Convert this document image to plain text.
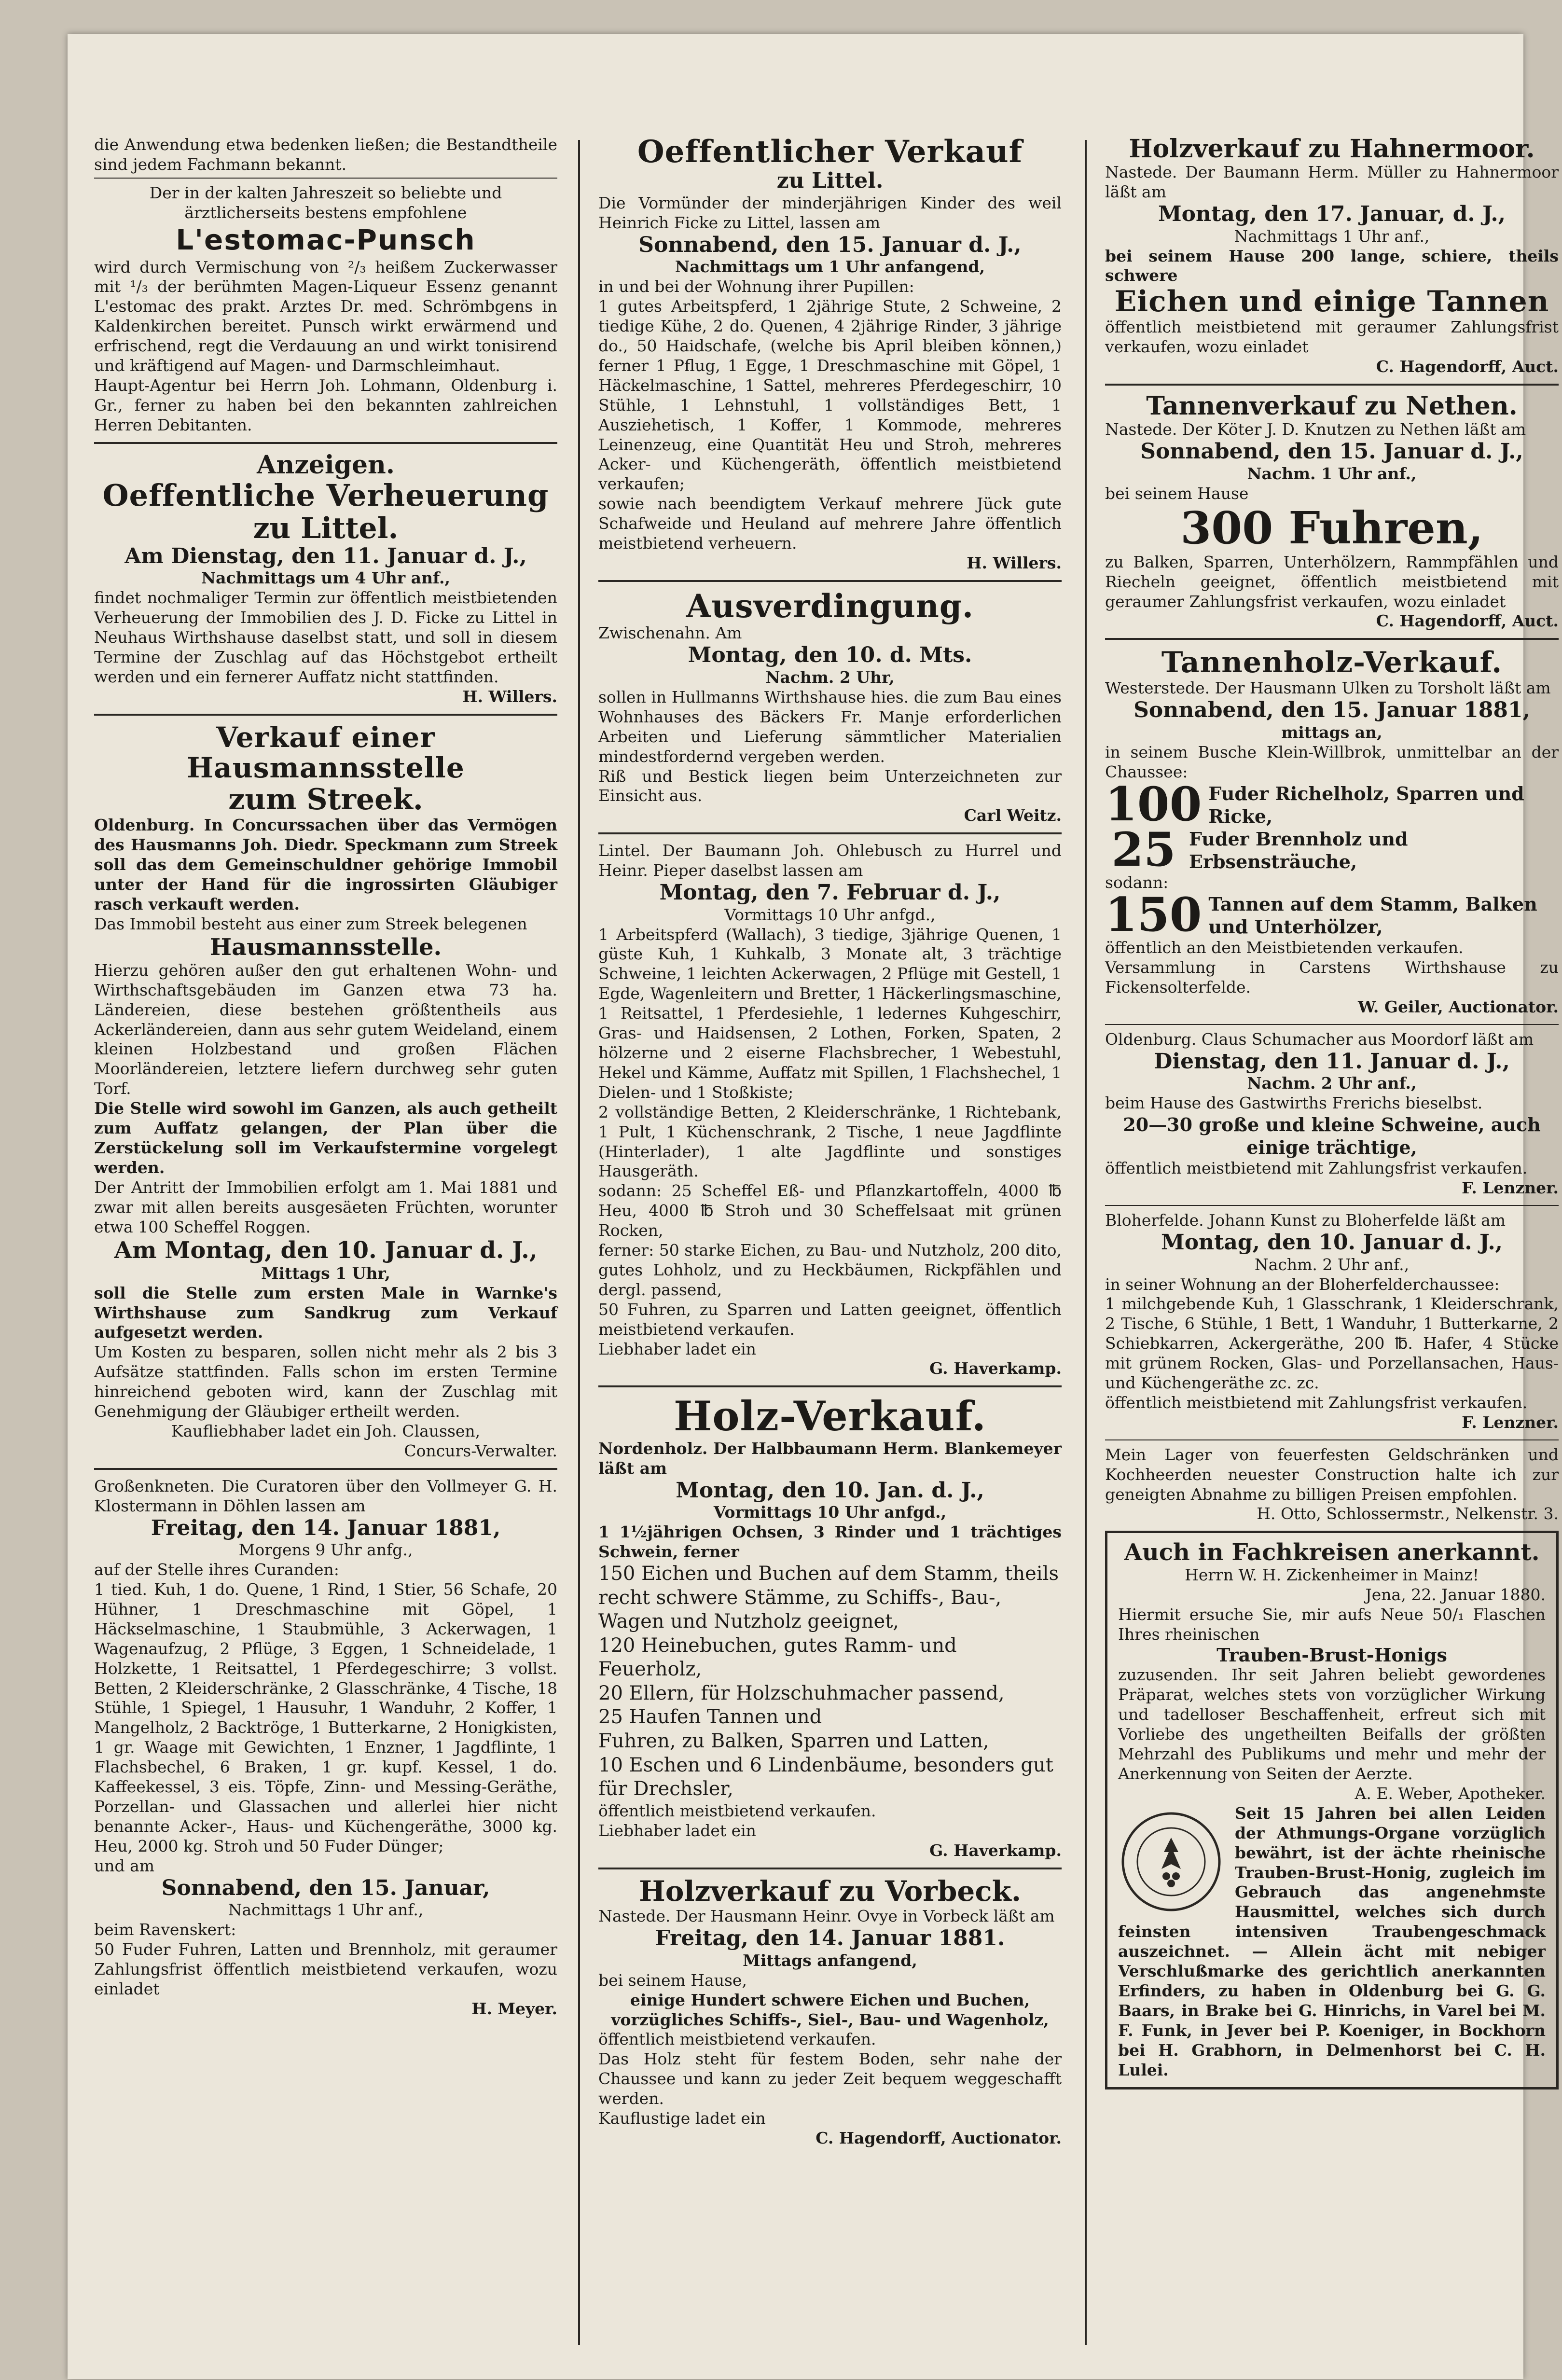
die Anwendung etwa bedenken ließen; die Bestandtheile sind jedem Fachmann bekannt.

Der in der kalten Jahreszeit so beliebte und ärztlicherseits bestens empfohlene

L'estomac-Punsch

wird durch Vermischung von ²/₃ heißem Zuckerwasser mit ¹/₃ der berühmten Magen-Liqueur Essenz genannt L'estomac des prakt. Arztes Dr. med. Schrömbgens in Kaldenkirchen bereitet. Punsch wirkt erwärmend und erfrischend, regt die Verdauung an und wirkt tonisirend und kräftigend auf Magen- und Darmschleimhaut.

Haupt-Agentur bei Herrn Joh. Lohmann, Oldenburg i. Gr., ferner zu haben bei den bekannten zahlreichen Herren Debitanten.

Anzeigen.
Oeffentliche Verheuerung
zu Littel.
Am Dienstag, den 11. Januar d. J.,

Nachmittags um 4 Uhr anf.,

findet nochmaliger Termin zur öffentlich meistbietenden Verheuerung der Immobilien des J. D. Ficke zu Littel in Neuhaus Wirthshause daselbst statt, und soll in diesem Termine der Zuschlag auf das Höchstgebot ertheilt werden und ein fernerer Auffatz nicht stattfinden.

H. Willers.

Verkauf einer Hausmannsstelle
zum Streek.

Oldenburg. In Concurssachen über das Vermögen des Hausmanns Joh. Diedr. Speckmann zum Streek soll das dem Gemeinschuldner gehörige Immobil unter der Hand für die ingrossirten Gläubiger rasch verkauft werden.

Das Immobil besteht aus einer zum Streek belegenen

Hausmannsstelle.

Hierzu gehören außer den gut erhaltenen Wohn- und Wirthschaftsgebäuden im Ganzen etwa 73 ha. Ländereien, diese bestehen größtentheils aus Ackerländereien, dann aus sehr gutem Weideland, einem kleinen Holzbestand und großen Flächen Moorländereien, letztere liefern durchweg sehr guten Torf.

Die Stelle wird sowohl im Ganzen, als auch getheilt zum Auffatz gelangen, der Plan über die Zerstückelung soll im Verkaufstermine vorgelegt werden.

Der Antritt der Immobilien erfolgt am 1. Mai 1881 und zwar mit allen bereits ausgesäeten Früchten, worunter etwa 100 Scheffel Roggen.

Am Montag, den 10. Januar d. J.,

Mittags 1 Uhr,

soll die Stelle zum ersten Male in Warnke's Wirthshause zum Sandkrug zum Verkauf aufgesetzt werden.

Um Kosten zu besparen, sollen nicht mehr als 2 bis 3 Aufsätze stattfinden. Falls schon im ersten Termine hinreichend geboten wird, kann der Zuschlag mit Genehmigung der Gläubiger ertheilt werden.

Kaufliebhaber ladet ein Joh. Claussen,

Concurs-Verwalter.

Großenkneten. Die Curatoren über den Vollmeyer G. H. Klostermann in Döhlen lassen am

Freitag, den 14. Januar 1881,

Morgens 9 Uhr anfg.,

auf der Stelle ihres Curanden:

1 tied. Kuh, 1 do. Quene, 1 Rind, 1 Stier, 56 Schafe, 20 Hühner, 1 Dreschmaschine mit Göpel, 1 Häckselmaschine, 1 Staubmühle, 3 Ackerwagen, 1 Wagenaufzug, 2 Pflüge, 3 Eggen, 1 Schneidelade, 1 Holzkette, 1 Reitsattel, 1 Pferdegeschirre; 3 vollst. Betten, 2 Kleiderschränke, 2 Glasschränke, 4 Tische, 18 Stühle, 1 Spiegel, 1 Hausuhr, 1 Wanduhr, 2 Koffer, 1 Mangelholz, 2 Backtröge, 1 Butterkarne, 2 Honigkisten, 1 gr. Waage mit Gewichten, 1 Enzner, 1 Jagdflinte, 1 Flachsbechel, 6 Braken, 1 gr. kupf. Kessel, 1 do. Kaffeekessel, 3 eis. Töpfe, Zinn- und Messing-Geräthe, Porzellan- und Glassachen und allerlei hier nicht benannte Acker-, Haus- und Küchengeräthe, 3000 kg. Heu, 2000 kg. Stroh und 50 Fuder Dünger;

und am

Sonnabend, den 15. Januar,

Nachmittags 1 Uhr anf.,

beim Ravenskert:

50 Fuder Fuhren, Latten und Brennholz, mit geraumer Zahlungsfrist öffentlich meistbietend verkaufen, wozu einladet

H. Meyer.

Oeffentlicher Verkauf
zu Littel.

Die Vormünder der minderjährigen Kinder des weil Heinrich Ficke zu Littel, lassen am

Sonnabend, den 15. Januar d. J.,

Nachmittags um 1 Uhr anfangend,

in und bei der Wohnung ihrer Pupillen:

1 gutes Arbeitspferd, 1 2jährige Stute, 2 Schweine, 2 tiedige Kühe, 2 do. Quenen, 4 2jährige Rinder, 3 jährige do., 50 Haidschafe, (welche bis April bleiben können,) ferner 1 Pflug, 1 Egge, 1 Dreschmaschine mit Göpel, 1 Häckelmaschine, 1 Sattel, mehreres Pferdegeschirr, 10 Stühle, 1 Lehnstuhl, 1 vollständiges Bett, 1 Ausziehetisch, 1 Koffer, 1 Kommode, mehreres Leinenzeug, eine Quantität Heu und Stroh, mehreres Acker- und Küchengeräth, öffentlich meistbietend verkaufen;

sowie nach beendigtem Verkauf mehrere Jück gute Schafweide und Heuland auf mehrere Jahre öffentlich meistbietend verheuern.

H. Willers.

Ausverdingung.

Zwischenahn. Am

Montag, den 10. d. Mts.

Nachm. 2 Uhr,

sollen in Hullmanns Wirthshause hies. die zum Bau eines Wohnhauses des Bäckers Fr. Manje erforderlichen Arbeiten und Lieferung sämmtlicher Materialien mindestfordernd vergeben werden.

Riß und Bestick liegen beim Unterzeichneten zur Einsicht aus.

Carl Weitz.

Lintel. Der Baumann Joh. Ohlebusch zu Hurrel und Heinr. Pieper daselbst lassen am

Montag, den 7. Februar d. J.,

Vormittags 10 Uhr anfgd.,

1 Arbeitspferd (Wallach), 3 tiedige, 3jährige Quenen, 1 güste Kuh, 1 Kuhkalb, 3 Monate alt, 3 trächtige Schweine, 1 leichten Ackerwagen, 2 Pflüge mit Gestell, 1 Egde, Wagenleitern und Bretter, 1 Häckerlingsmaschine, 1 Reitsattel, 1 Pferdesiehle, 1 ledernes Kuhgeschirr, Gras- und Haidsensen, 2 Lothen, Forken, Spaten, 2 hölzerne und 2 eiserne Flachsbrecher, 1 Webestuhl, Hekel und Kämme, Auffatz mit Spillen, 1 Flachshechel, 1 Dielen- und 1 Stoßkiste;

2 vollständige Betten, 2 Kleiderschränke, 1 Richtebank, 1 Pult, 1 Küchenschrank, 2 Tische, 1 neue Jagdflinte (Hinterlader), 1 alte Jagdflinte und sonstiges Hausgeräth.

sodann: 25 Scheffel Eß- und Pflanzkartoffeln, 4000 ℔ Heu, 4000 ℔ Stroh und 30 Scheffelsaat mit grünen Rocken,

ferner: 50 starke Eichen, zu Bau- und Nutzholz, 200 dito, gutes Lohholz, und zu Heckbäumen, Rickpfählen und dergl. passend,

50 Fuhren, zu Sparren und Latten geeignet, öffentlich meistbietend verkaufen.

Liebhaber ladet ein

G. Haverkamp.

Holz-Verkauf.

Nordenholz. Der Halbbaumann Herm. Blankemeyer läßt am

Montag, den 10. Jan. d. J.,

Vormittags 10 Uhr anfgd.,

1 1½jährigen Ochsen, 3 Rinder und 1 trächtiges Schwein, ferner

150 Eichen und Buchen auf dem Stamm, theils recht schwere Stämme, zu Schiffs-, Bau-, Wagen und Nutzholz geeignet,
120 Heinebuchen, gutes Ramm- und Feuerholz,
20 Ellern, für Holzschuhmacher passend,
25 Haufen Tannen und
Fuhren, zu Balken, Sparren und Latten,
10 Eschen und 6 Lindenbäume, besonders gut für Drechsler,

öffentlich meistbietend verkaufen.

Liebhaber ladet ein

G. Haverkamp.

Holzverkauf zu Vorbeck.

Nastede. Der Hausmann Heinr. Ovye in Vorbeck läßt am

Freitag, den 14. Januar 1881.

Mittags anfangend,

bei seinem Hause,

einige Hundert schwere Eichen und Buchen, vorzügliches Schiffs-, Siel-, Bau- und Wagenholz,

öffentlich meistbietend verkaufen.

Das Holz steht für festem Boden, sehr nahe der Chaussee und kann zu jeder Zeit bequem weggeschafft werden.

Kauflustige ladet ein

C. Hagendorff, Auctionator.

Holzverkauf zu Hahnermoor.

Nastede. Der Baumann Herm. Müller zu Hahnermoor läßt am

Montag, den 17. Januar, d. J.,

Nachmittags 1 Uhr anf.,

bei seinem Hause 200 lange, schiere, theils schwere

Eichen und einige Tannen

öffentlich meistbietend mit geraumer Zahlungsfrist verkaufen, wozu einladet

C. Hagendorff, Auct.

Tannenverkauf zu Nethen.

Nastede. Der Köter J. D. Knutzen zu Nethen läßt am

Sonnabend, den 15. Januar d. J.,

Nachm. 1 Uhr anf.,

bei seinem Hause

300 Fuhren,

zu Balken, Sparren, Unterhölzern, Rammpfählen und Riecheln geeignet, öffentlich meistbietend mit geraumer Zahlungsfrist verkaufen, wozu einladet

C. Hagendorff, Auct.

Tannenholz-Verkauf.

Westerstede. Der Hausmann Ulken zu Torsholt läßt am

Sonnabend, den 15. Januar 1881,

mittags an,

in seinem Busche Klein-Willbrok, unmittelbar an der Chaussee:

100 Fuder Richelholz, Sparren und Ricke,
25 Fuder Brennholz und Erbsensträuche,

sodann:

150 Tannen auf dem Stamm, Balken und Unterhölzer,

öffentlich an den Meistbietenden verkaufen.

Versammlung in Carstens Wirthshause zu Fickensolterfelde.

W. Geiler, Auctionator.

Oldenburg. Claus Schumacher aus Moordorf läßt am

Dienstag, den 11. Januar d. J.,

Nachm. 2 Uhr anf.,

beim Hause des Gastwirths Frerichs bieselbst.

20—30 große und kleine Schweine, auch einige trächtige,

öffentlich meistbietend mit Zahlungsfrist verkaufen.

F. Lenzner.

Bloherfelde. Johann Kunst zu Bloherfelde läßt am

Montag, den 10. Januar d. J.,

Nachm. 2 Uhr anf.,

in seiner Wohnung an der Bloherfelderchaussee:

1 milchgebende Kuh, 1 Glasschrank, 1 Kleiderschrank, 2 Tische, 6 Stühle, 1 Bett, 1 Wanduhr, 1 Butterkarne, 2 Schiebkarren, Ackergeräthe, 200 ℔. Hafer, 4 Stücke mit grünem Rocken, Glas- und Porzellansachen, Haus- und Küchengeräthe zc. zc.

öffentlich meistbietend mit Zahlungsfrist verkaufen.

F. Lenzner.

Mein Lager von feuerfesten Geldschränken und Kochheerden neuester Construction halte ich zur geneigten Abnahme zu billigen Preisen empfohlen.

H. Otto, Schlossermstr., Nelkenstr. 3.

Auch in Fachkreisen anerkannt.

Herrn W. H. Zickenheimer in Mainz!

Jena, 22. Januar 1880.

Hiermit ersuche Sie, mir aufs Neue 50/₁ Flaschen Ihres rheinischen

Trauben-Brust-Honigs

zuzusenden. Ihr seit Jahren beliebt gewordenes Präparat, welches stets von vorzüglicher Wirkung und tadelloser Beschaffenheit, erfreut sich mit Vorliebe des ungetheilten Beifalls der größten Mehrzahl des Publikums und mehr und mehr der Anerkennung von Seiten der Aerzte.

A. E. Weber, Apotheker.

Seit 15 Jahren bei allen Leiden der Athmungs-Organe vorzüglich bewährt, ist der ächte rheinische Trauben-Brust-Honig, zugleich im Gebrauch das angenehmste Hausmittel, welches sich durch feinsten intensiven Traubengeschmack auszeichnet. — Allein ächt mit nebiger Verschlußmarke des gerichtlich anerkannten Erfinders, zu haben in Oldenburg bei G. G. Baars, in Brake bei G. Hinrichs, in Varel bei M. F. Funk, in Jever bei P. Koeniger, in Bockhorn bei H. Grabhorn, in Delmenhorst bei C. H. Lulei.
